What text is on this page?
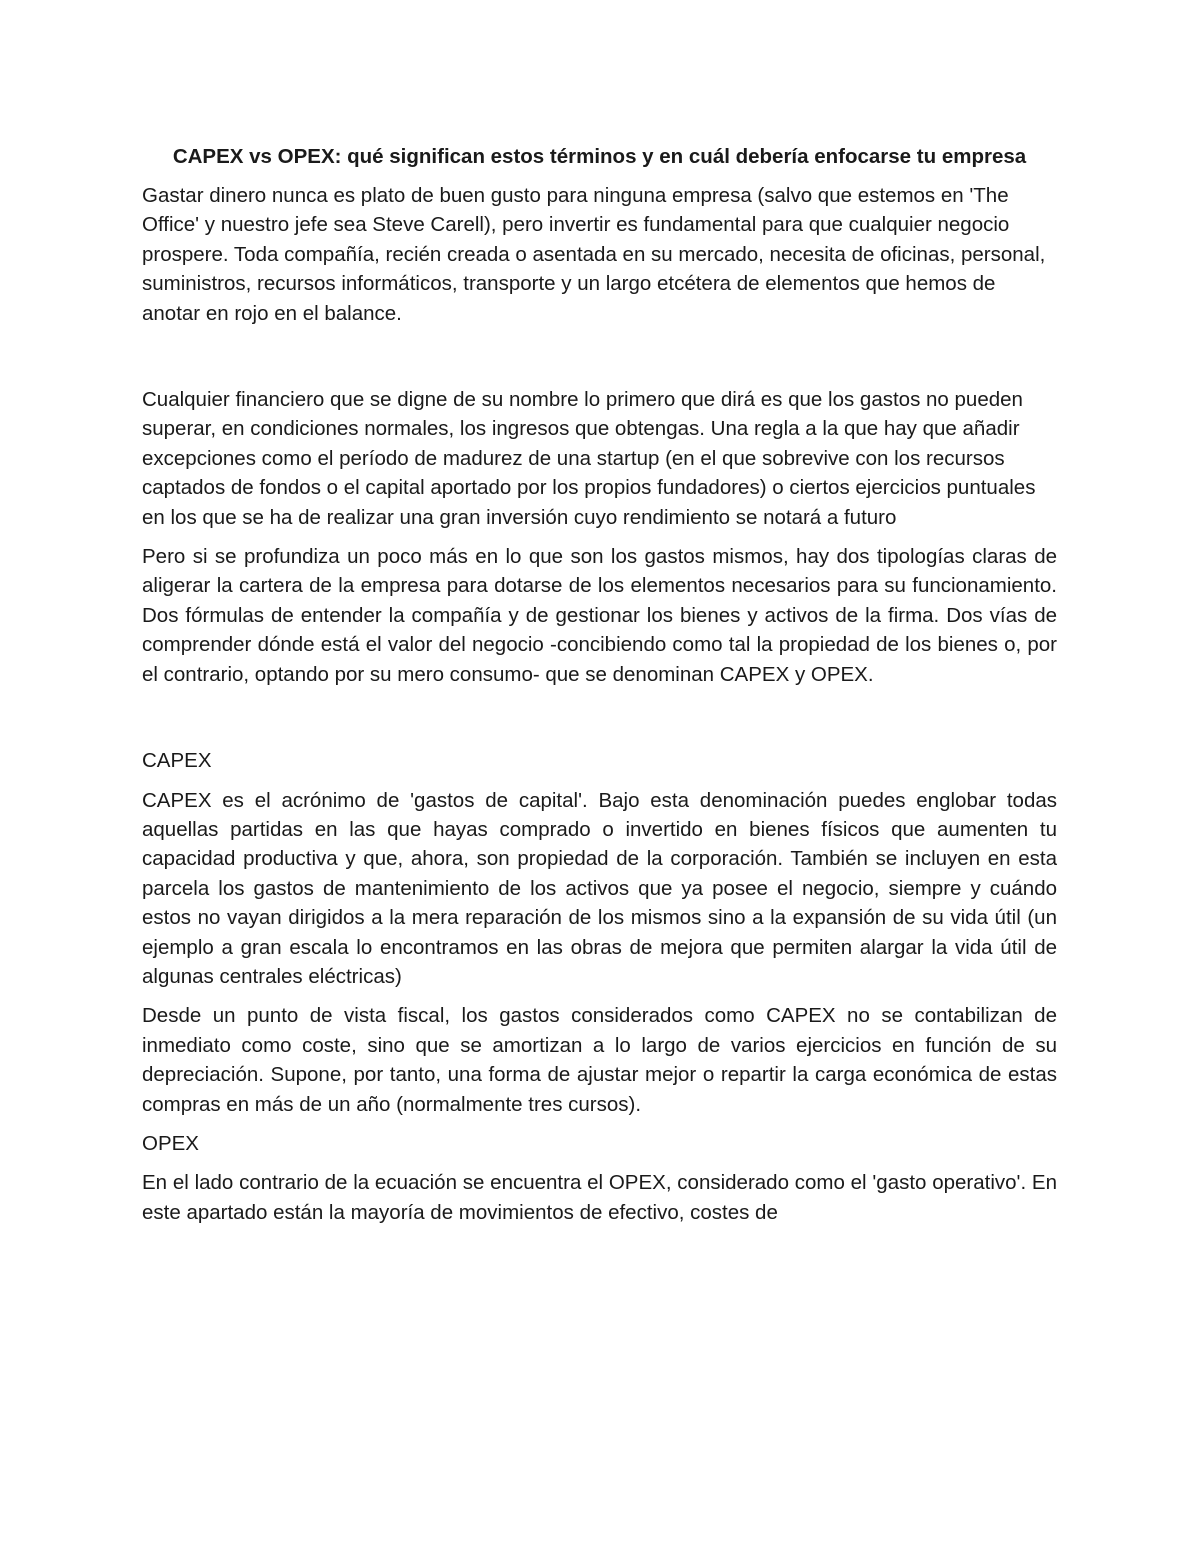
CAPEX vs OPEX: qué significan estos términos y en cuál debería enfocarse tu empresa

Gastar dinero nunca es plato de buen gusto para ninguna empresa (salvo que estemos en 'The Office' y nuestro jefe sea Steve Carell), pero invertir es fundamental para que cualquier negocio prospere. Toda compañía, recién creada o asentada en su mercado, necesita de oficinas, personal, suministros, recursos informáticos, transporte y un largo etcétera de elementos que hemos de anotar en rojo en el balance.

Cualquier financiero que se digne de su nombre lo primero que dirá es que los gastos no pueden superar, en condiciones normales, los ingresos que obtengas. Una regla a la que hay que añadir excepciones como el período de madurez de una startup (en el que sobrevive con los recursos captados de fondos o el capital aportado por los propios fundadores) o ciertos ejercicios puntuales en los que se ha de realizar una gran inversión cuyo rendimiento se notará a futuro

Pero si se profundiza un poco más en lo que son los gastos mismos, hay dos tipologías claras de aligerar la cartera de la empresa para dotarse de los elementos necesarios para su funcionamiento. Dos fórmulas de entender la compañía y de gestionar los bienes y activos de la firma. Dos vías de comprender dónde está el valor del negocio -concibiendo como tal la propiedad de los bienes o, por el contrario, optando por su mero consumo- que se denominan CAPEX y OPEX.

CAPEX

CAPEX es el acrónimo de 'gastos de capital'. Bajo esta denominación puedes englobar todas aquellas partidas en las que hayas comprado o invertido en bienes físicos que aumenten tu capacidad productiva y que, ahora, son propiedad de la corporación. También se incluyen en esta parcela los gastos de mantenimiento de los activos que ya posee el negocio, siempre y cuándo estos no vayan dirigidos a la mera reparación de los mismos sino a la expansión de su vida útil (un ejemplo a gran escala lo encontramos en las obras de mejora que permiten alargar la vida útil de algunas centrales eléctricas)

Desde un punto de vista fiscal, los gastos considerados como CAPEX no se contabilizan de inmediato como coste, sino que se amortizan a lo largo de varios ejercicios en función de su depreciación. Supone, por tanto, una forma de ajustar mejor o repartir la carga económica de estas compras en más de un año (normalmente tres cursos).

OPEX

En el lado contrario de la ecuación se encuentra el OPEX, considerado como el 'gasto operativo'. En este apartado están la mayoría de movimientos de efectivo, costes de
